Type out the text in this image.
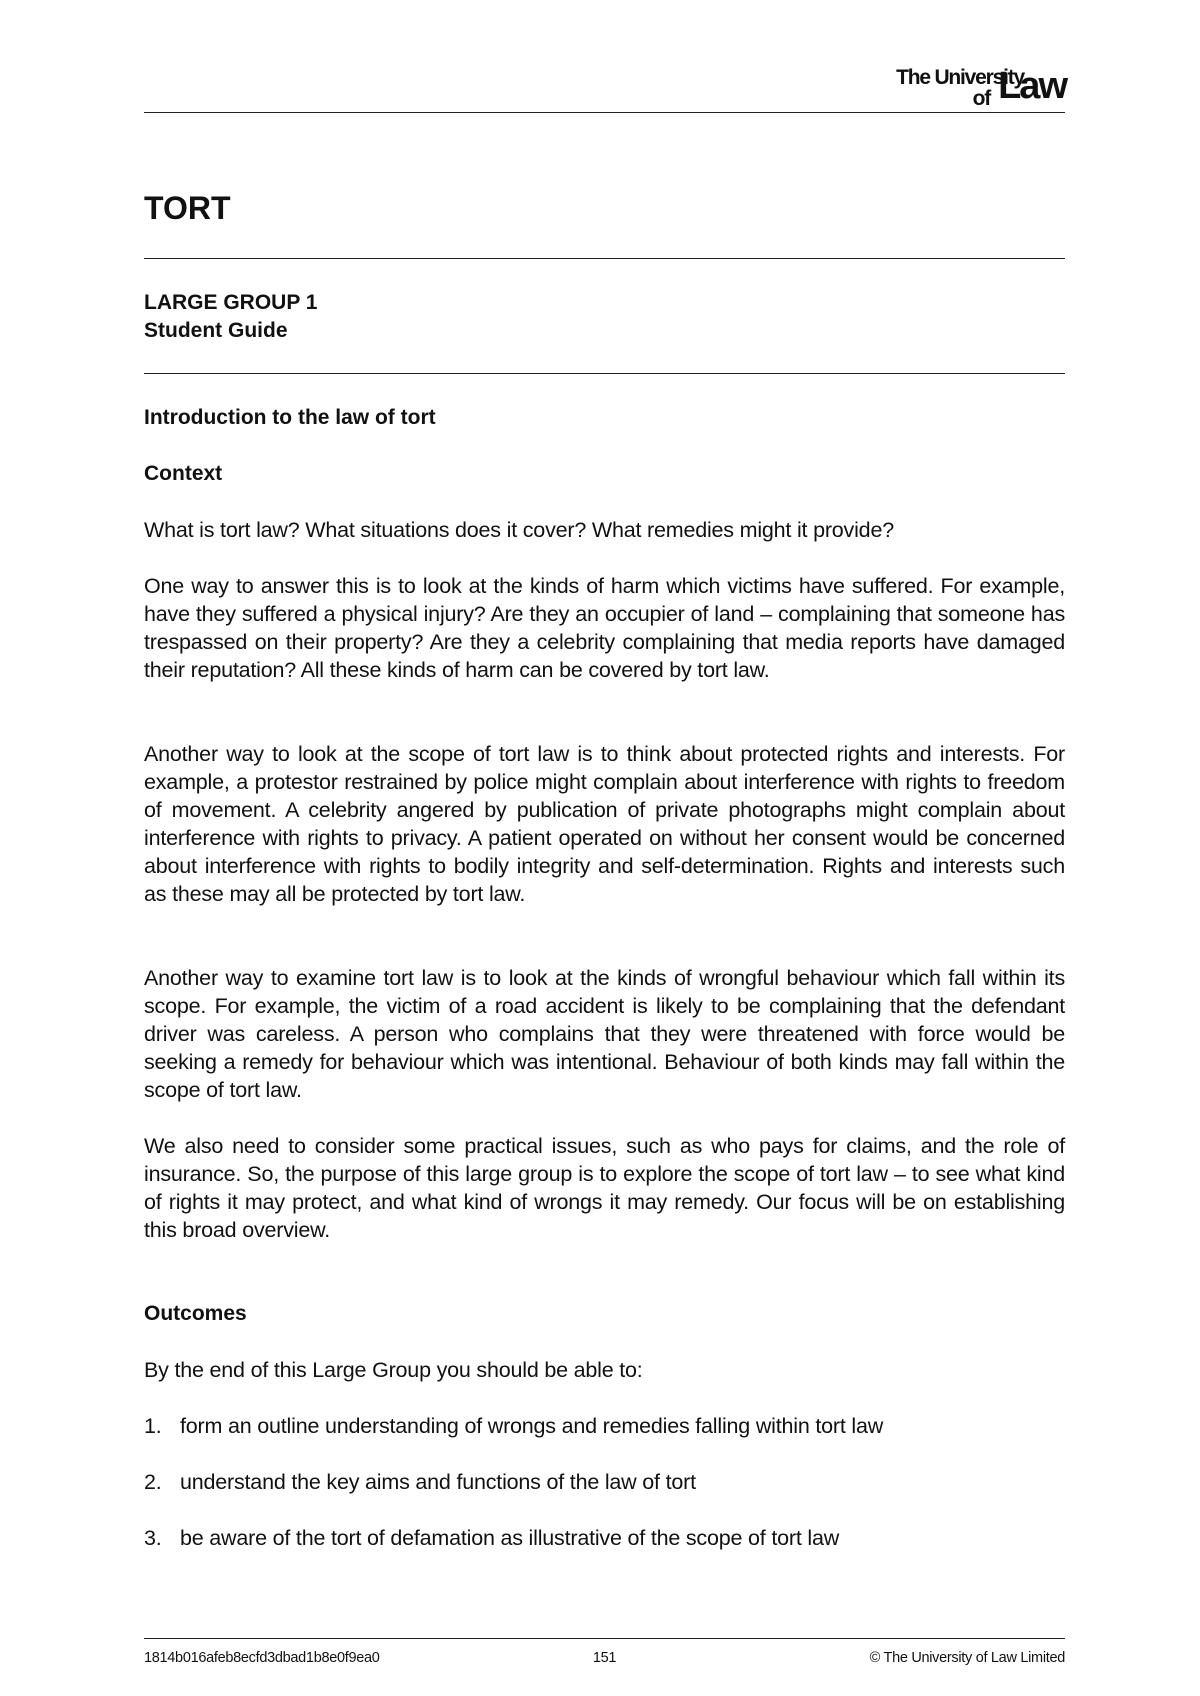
The University
of Law
TORT

LARGE GROUP 1

Student Guide

Introduction to the law of tort

Context

What is tort law? What situations does it cover? What remedies might it provide?

One way to answer this is to look at the kinds of harm which victims have suffered. For example, have they suffered a physical injury? Are they an occupier of land – complaining that someone has trespassed on their property? Are they a celebrity complaining that media reports have damaged their reputation? All these kinds of harm can be covered by tort law.

Another way to look at the scope of tort law is to think about protected rights and interests. For example, a protestor restrained by police might complain about interference with rights to freedom of movement. A celebrity angered by publication of private photographs might complain about interference with rights to privacy. A patient operated on without her consent would be concerned about interference with rights to bodily integrity and self-determination. Rights and interests such as these may all be protected by tort law.

Another way to examine tort law is to look at the kinds of wrongful behaviour which fall within its scope. For example, the victim of a road accident is likely to be complaining that the defendant driver was careless. A person who complains that they were threatened with force would be seeking a remedy for behaviour which was intentional. Behaviour of both kinds may fall within the scope of tort law.

We also need to consider some practical issues, such as who pays for claims, and the role of insurance. So, the purpose of this large group is to explore the scope of tort law – to see what kind of rights it may protect, and what kind of wrongs it may remedy. Our focus will be on establishing this broad overview.

Outcomes

By the end of this Large Group you should be able to:

1. form an outline understanding of wrongs and remedies falling within tort law
2. understand the key aims and functions of the law of tort
3. be aware of the tort of defamation as illustrative of the scope of tort law
1814b016afeb8ecfd3dbad1b8e0f9ea0	151	© The University of Law Limited
